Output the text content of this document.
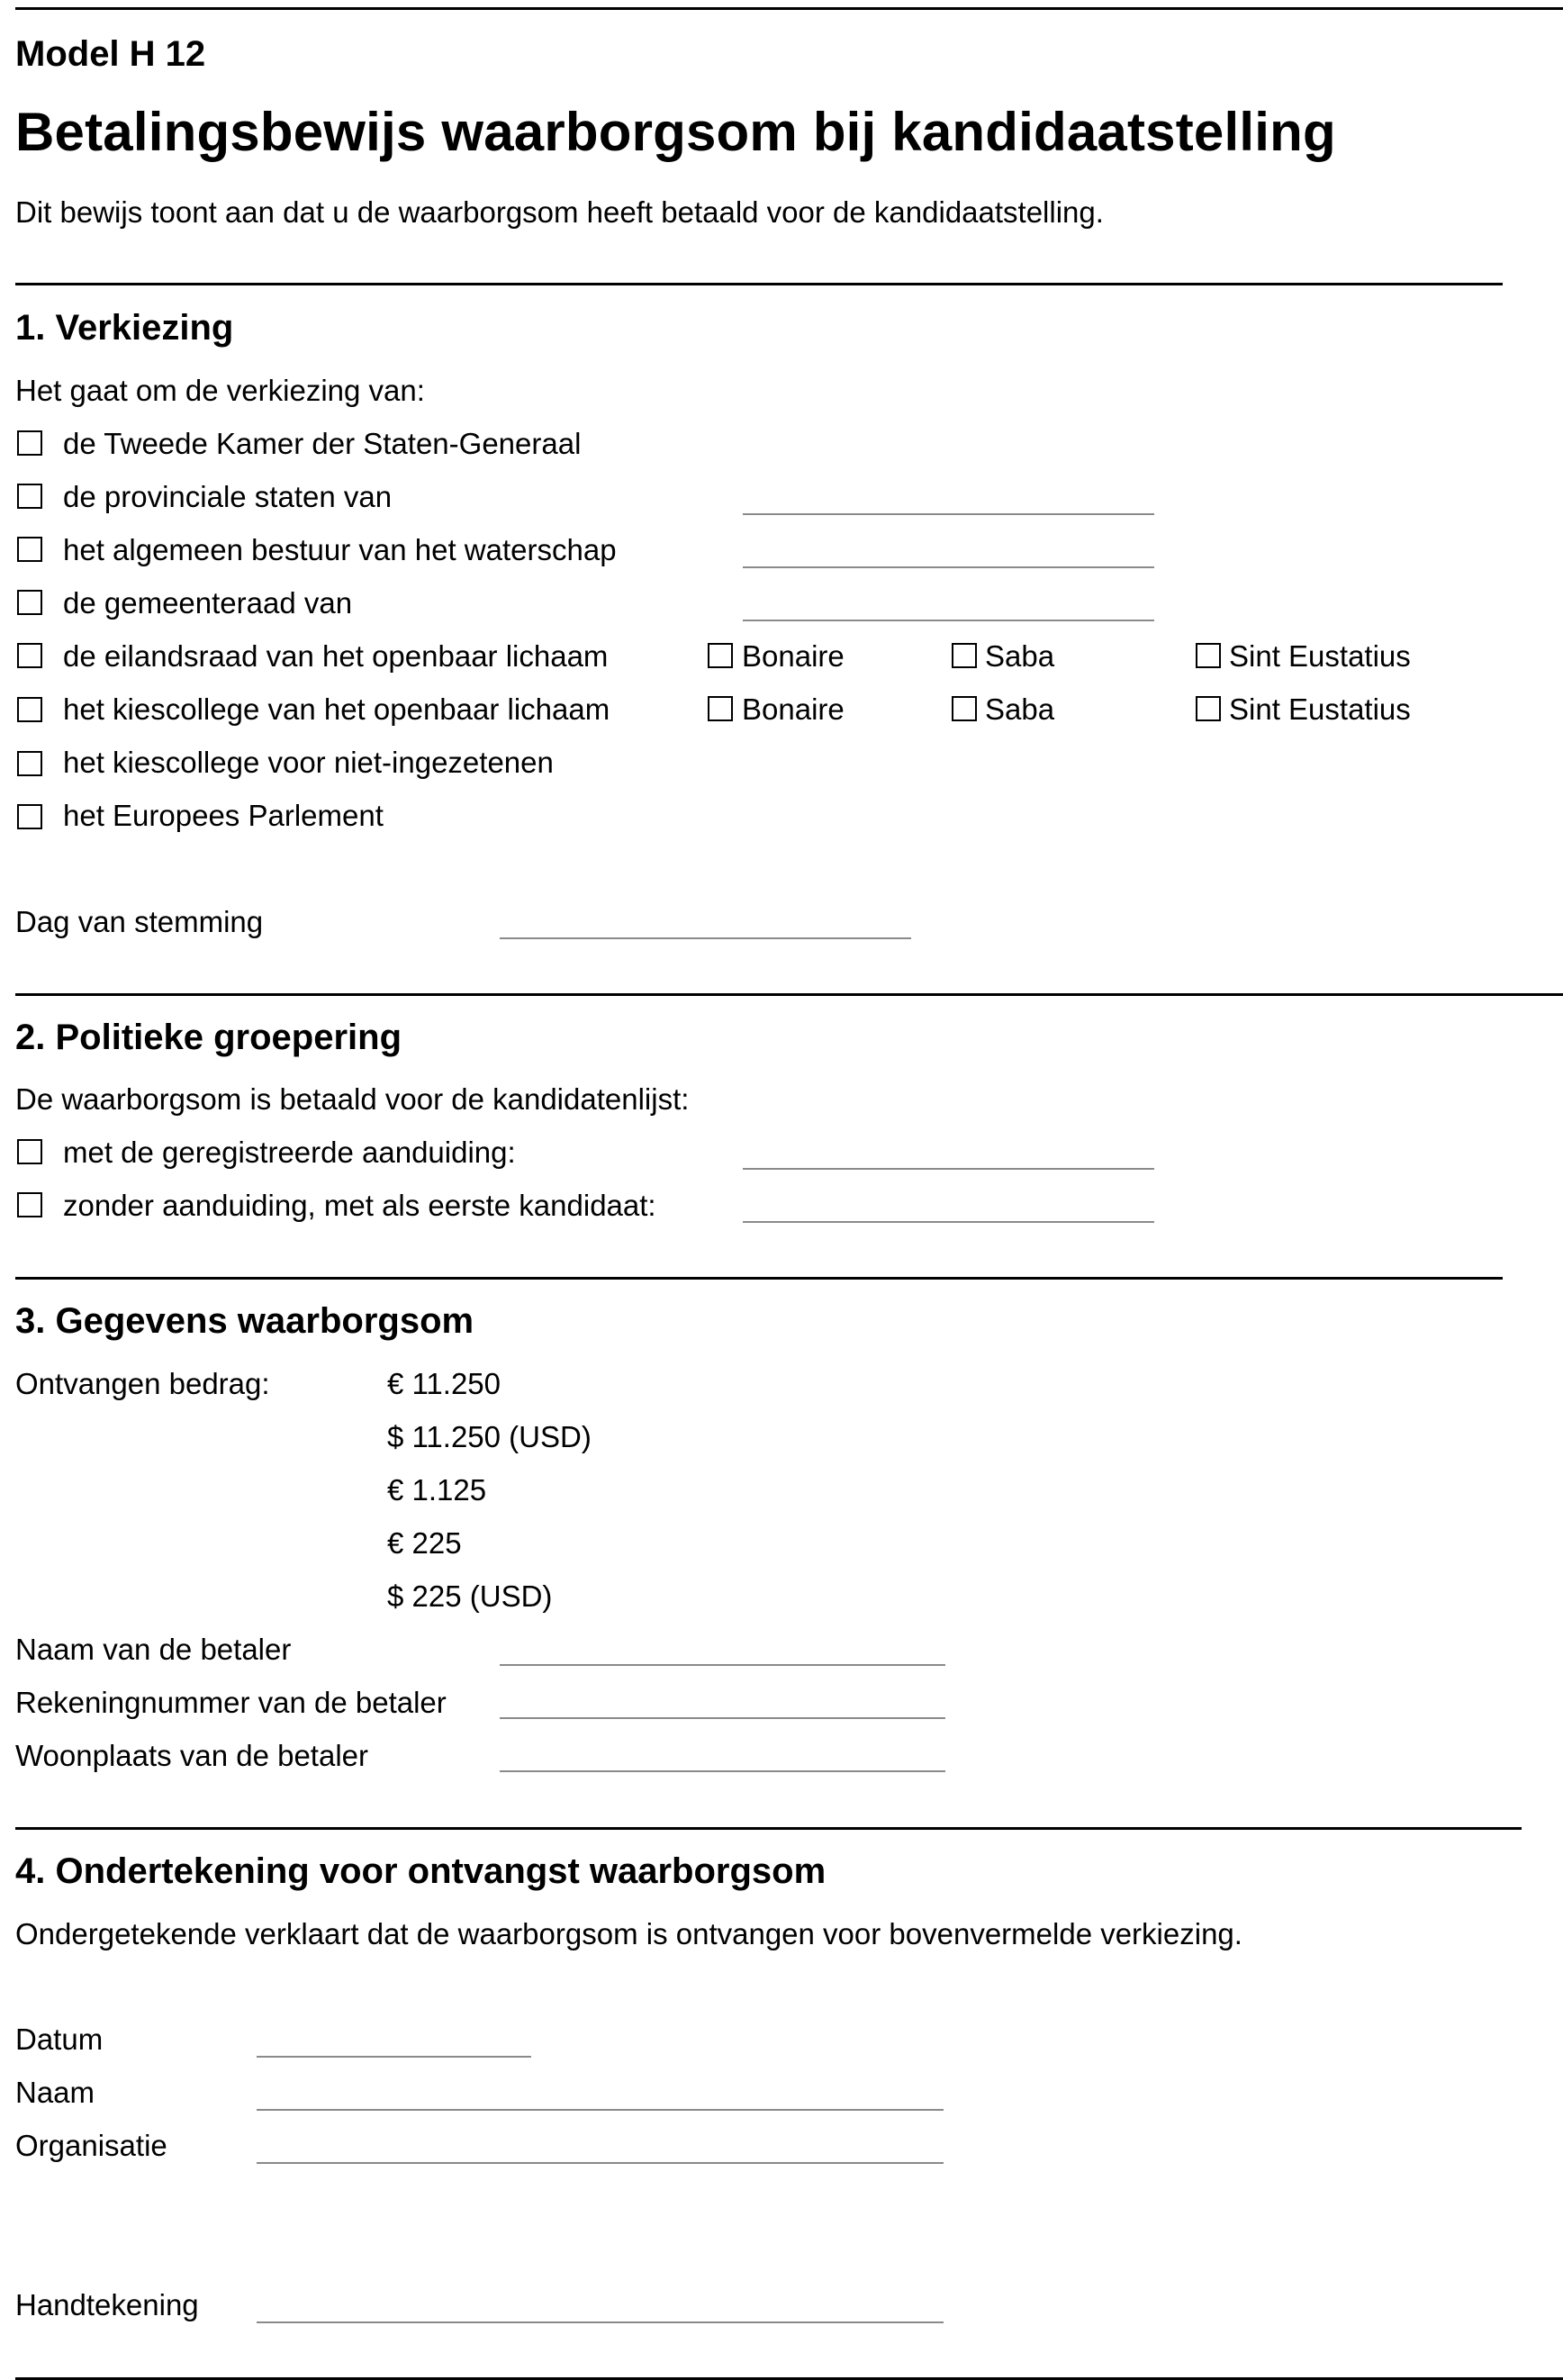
Model H 12
Betalingsbewijs waarborgsom bij kandidaatstelling
Dit bewijs toont aan dat u de waarborgsom heeft betaald voor de kandidaatstelling.
1. Verkiezing
Het gaat om de verkiezing van:
de Tweede Kamer der Staten-Generaal
de provinciale staten van
het algemeen bestuur van het waterschap
de gemeenteraad van
de eilandsraad van het openbaar lichaam	Bonaire	Saba	Sint Eustatius
het kiescollege van het openbaar lichaam	Bonaire	Saba	Sint Eustatius
het kiescollege voor niet-ingezetenen
het Europees Parlement
Dag van stemming
2. Politieke groepering
De waarborgsom is betaald voor de kandidatenlijst:
met de geregistreerde aanduiding:
zonder aanduiding, met als eerste kandidaat:
3. Gegevens waarborgsom
Ontvangen bedrag:	€ 11.250
$ 11.250 (USD)
€ 1.125
€ 225
$ 225 (USD)
Naam van de betaler
Rekeningnummer van de betaler
Woonplaats van de betaler
4. Ondertekening voor ontvangst waarborgsom
Ondergetekende verklaart dat de waarborgsom is ontvangen voor bovenvermelde verkiezing.
Datum
Naam
Organisatie
Handtekening
